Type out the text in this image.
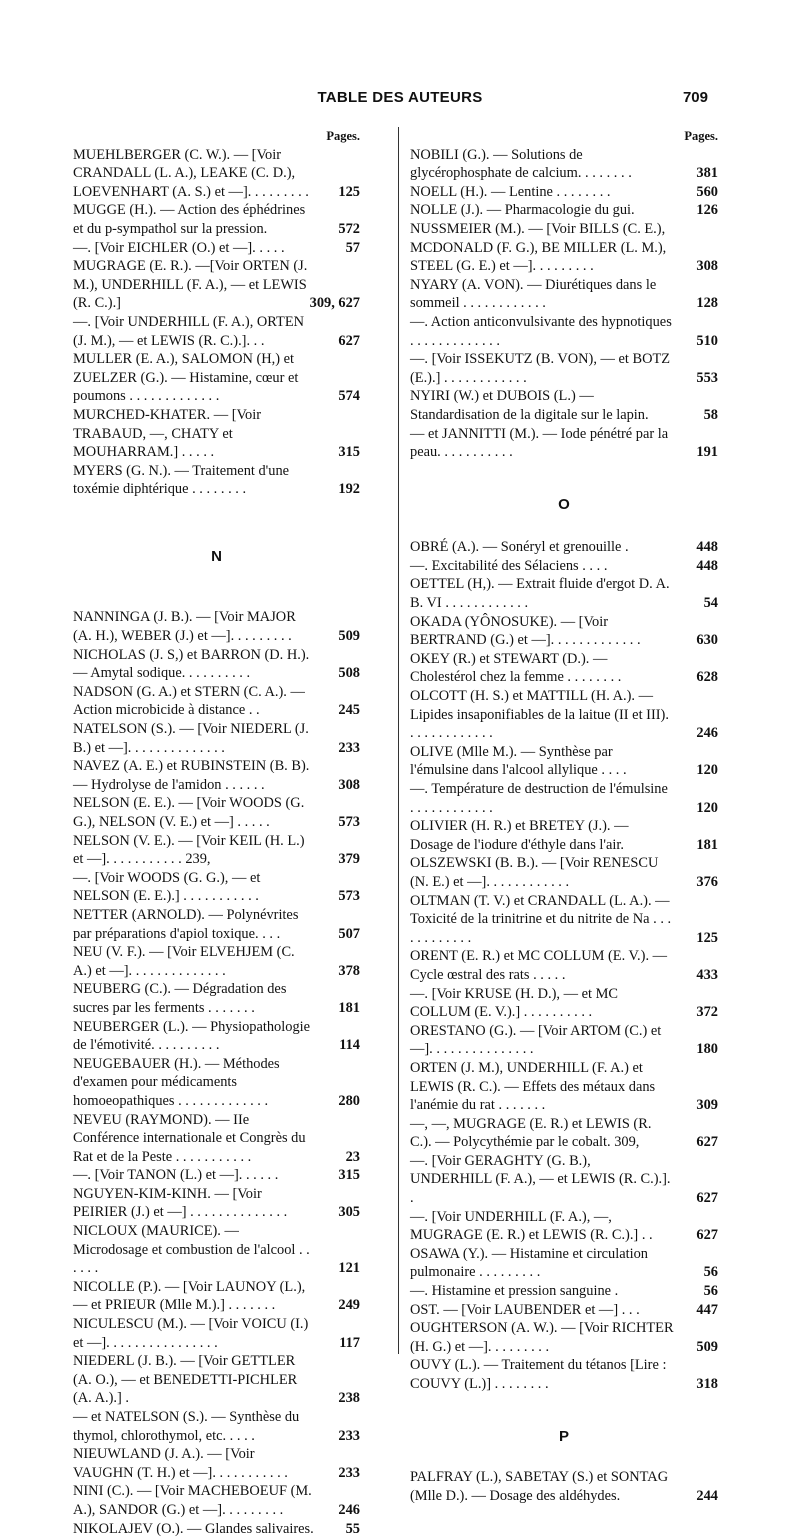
TABLE DES AUTEURS	709
Pages.
MUEHLBERGER (C. W.). — [Voir CRANDALL (L. A.), LEAKE (C. D.), LOEVENHART (A. S.) et —]. . . . . . . . .	125
MUGGE (H.). — Action des éphédrines et du p-sympathol sur la pression.	572
—. [Voir EICHLER (O.) et —]. . . . .	57
MUGRAGE (E. R.). —[Voir ORTEN (J. M.), UNDERHILL (F. A.), — et LEWIS (R. C.).]	309, 627
—. [Voir UNDERHILL (F. A.), ORTEN (J. M.), — et LEWIS (R. C.).]. . .	627
MULLER (E. A.), SALOMON (H,) et ZUELZER (G.). — Histamine, cœur et poumons . . . . . . . . . . . . .	574
MURCHED-KHATER. — [Voir TRABAUD, —, CHATY et MOUHARRAM.] . . . . .	315
MYERS (G. N.). — Traitement d'une toxémie diphtérique . . . . . . . .	192
N
NANNINGA (J. B.). — [Voir MAJOR (A. H.), WEBER (J.) et —]. . . . . . . . .	509
NICHOLAS (J. S,) et BARRON (D. H.). — Amytal sodique. . . . . . . . . .	508
NADSON (G. A.) et STERN (C. A.). — Action microbicide à distance . .	245
NATELSON (S.). — [Voir NIEDERL (J. B.) et —]. . . . . . . . . . . . . .	233
NAVEZ (A. E.) et RUBINSTEIN (B. B). — Hydrolyse de l'amidon . . . . . .	308
NELSON (E. E.). — [Voir WOODS (G. G.), NELSON (V. E.) et —] . . . . .	573
NELSON (V. E.). — [Voir KEIL (H. L.) et —]. . . . . . . . . . . 239,	379
—. [Voir WOODS (G. G.), — et NELSON (E. E.).] . . . . . . . . . . .	573
NETTER (ARNOLD). — Polynévrites par préparations d'apiol toxique. . . .	507
NEU (V. F.). — [Voir ELVEHJEM (C. A.) et —]. . . . . . . . . . . . . .	378
NEUBERG (C.). — Dégradation des sucres par les ferments . . . . . . .	181
NEUBERGER (L.). — Physiopathologie de l'émotivité. . . . . . . . . .	114
NEUGEBAUER (H.). — Méthodes d'examen pour médicaments homoeopathiques . . . . . . . . . . . . .	280
NEVEU (RAYMOND). — IIe Conférence internationale et Congrès du Rat et de la Peste . . . . . . . . . . .	23
—. [Voir TANON (L.) et —]. . . . . .	315
NGUYEN-KIM-KINH. — [Voir PEIRIER (J.) et —] . . . . . . . . . . . . . .	305
NICLOUX (MAURICE). — Microdosage et combustion de l'alcool . . . . . .	121
NICOLLE (P.). — [Voir LAUNOY (L.), — et PRIEUR (Mlle M.).] . . . . . . .	249
NICULESCU (M.). — [Voir VOICU (I.) et —]. . . . . . . . . . . . . . . .	117
NIEDERL (J. B.). — [Voir GETTLER (A. O.), — et BENEDETTI-PICHLER (A. A.).] .	238
— et NATELSON (S.). — Synthèse du thymol, chlorothymol, etc. . . . .	233
NIEUWLAND (J. A.). — [Voir VAUGHN (T. H.) et —]. . . . . . . . . . .	233
NINI (C.). — [Voir MACHEBOEUF (M. A.), SANDOR (G.) et —]. . . . . . . . .	246
NIKOLAJEV (O.). — Glandes salivaires. 55
Pages.
NOBILI (G.). — Solutions de glycérophosphate de calcium. . . . . . . .	381
NOELL (H.). — Lentine . . . . . . . .	560
NOLLE (J.). — Pharmacologie du gui.	126
NUSSMEIER (M.). — [Voir BILLS (C. E.), MCDONALD (F. G.), BE MILLER (L. M.), STEEL (G. E.) et —]. . . . . . . . .	308
NYARY (A. VON). — Diurétiques dans le sommeil . . . . . . . . . . . .	128
—. Action anticonvulsivante des hypnotiques . . . . . . . . . . . . .	510
—. [Voir ISSEKUTZ (B. VON), — et BOTZ (E.).] . . . . . . . . . . . .	553
NYIRI (W.) et DUBOIS (L.) — Standardisation de la digitale sur le lapin.	58
— et JANNITTI (M.). — Iode pénétré par la peau. . . . . . . . . . .	191
O
OBRÉ (A.). — Sonéryl et grenouille .	448
—. Excitabilité des Sélaciens . . . .	448
OETTEL (H,). — Extrait fluide d'ergot D. A. B. VI . . . . . . . . . . . .	54
OKADA (YÔNOSUKE). — [Voir BERTRAND (G.) et —]. . . . . . . . . . . . .	630
OKEY (R.) et STEWART (D.). — Cholestérol chez la femme . . . . . . . .	628
OLCOTT (H. S.) et MATTILL (H. A.). — Lipides insaponifiables de la laitue (II et III). . . . . . . . . . . . .	246
OLIVE (Mlle M.). — Synthèse par l'émulsine dans l'alcool allylique . . . .	120
—. Température de destruction de l'émulsine . . . . . . . . . . . .	120
OLIVIER (H. R.) et BRETEY (J.). — Dosage de l'iodure d'éthyle dans l'air.	181
OLSZEWSKI (B. B.). — [Voir RENESCU (N. E.) et —]. . . . . . . . . . . .	376
OLTMAN (T. V.) et CRANDALL (L. A.). — Toxicité de la trinitrine et du nitrite de Na . . . . . . . . . . . .	125
ORENT (E. R.) et MC COLLUM (E. V.). — Cycle œstral des rats . . . . .	433
—. [Voir KRUSE (H. D.), — et MC COLLUM (E. V.).] . . . . . . . . . .	372
ORESTANO (G.). — [Voir ARTOM (C.) et —]. . . . . . . . . . . . . . .	180
ORTEN (J. M.), UNDERHILL (F. A.) et LEWIS (R. C.). — Effets des métaux dans l'anémie du rat . . . . . . .	309
—, —, MUGRAGE (E. R.) et LEWIS (R. C.). — Polycythémie par le cobalt. 309,	627
—. [Voir GERAGHTY (G. B.), UNDERHILL (F. A.), — et LEWIS (R. C.).]. .	627
—. [Voir UNDERHILL (F. A.), —, MUGRAGE (E. R.) et LEWIS (R. C.).] . .	627
OSAWA (Y.). — Histamine et circulation pulmonaire . . . . . . . . .	56
—. Histamine et pression sanguine .	56
OST. — [Voir LAUBENDER et —] . . .	447
OUGHTERSON (A. W.). — [Voir RICHTER (H. G.) et —]. . . . . . . . .	509
OUVY (L.). — Traitement du tétanos [Lire : COUVY (L.)] . . . . . . . .	318
P
PALFRAY (L.), SABETAY (S.) et SONTAG (Mlle D.). — Dosage des aldéhydes.	244
